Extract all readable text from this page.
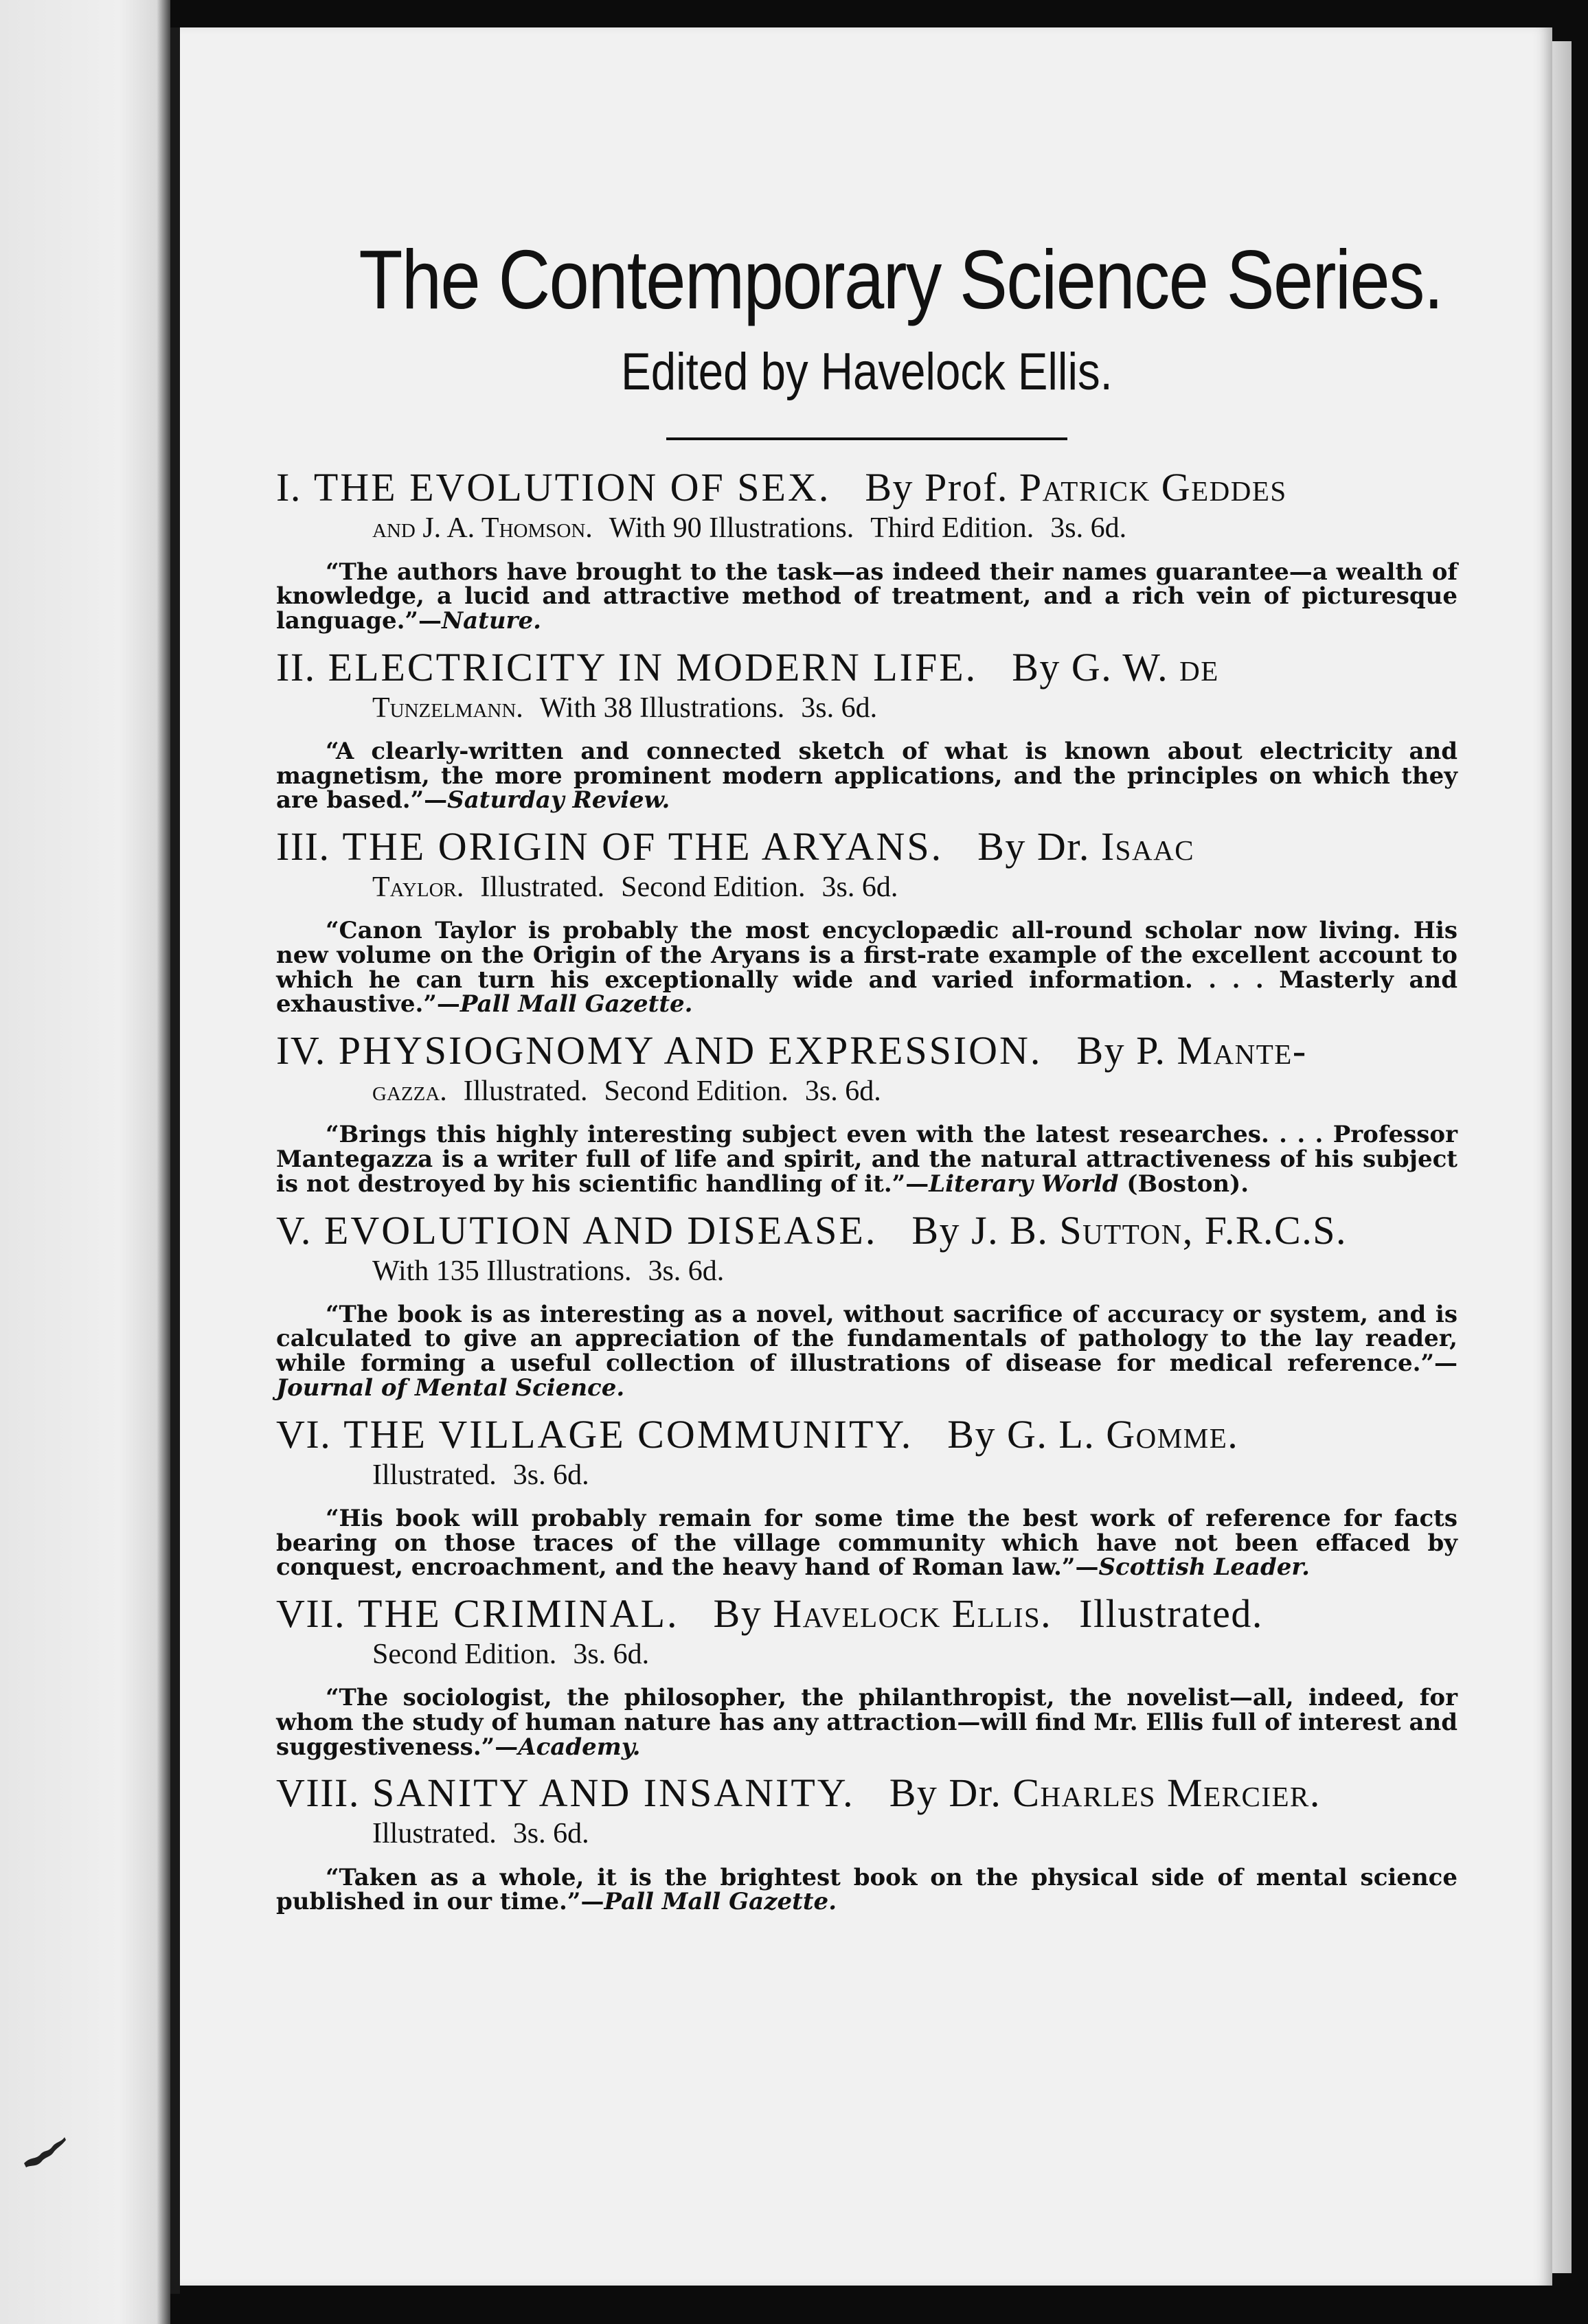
The Contemporary Science Series.

Edited by Havelock Ellis.

I. THE EVOLUTION OF SEX. By Prof. Patrick Geddes

and J. A. Thomson. With 90 Illustrations. Third Edition. 3s. 6d.

“The authors have brought to the task—as indeed their names guarantee—a wealth of knowledge, a lucid and attractive method of treatment, and a rich vein of picturesque language.”—Nature.

II. ELECTRICITY IN MODERN LIFE. By G. W. de

Tunzelmann. With 38 Illustrations. 3s. 6d.

“A clearly-written and connected sketch of what is known about electricity and magnetism, the more prominent modern applications, and the principles on which they are based.”—Saturday Review.

III. THE ORIGIN OF THE ARYANS. By Dr. Isaac

Taylor. Illustrated. Second Edition. 3s. 6d.

“Canon Taylor is probably the most encyclopædic all-round scholar now living. His new volume on the Origin of the Aryans is a first-rate example of the excellent account to which he can turn his exceptionally wide and varied information. . . . Masterly and exhaustive.”—Pall Mall Gazette.

IV. PHYSIOGNOMY AND EXPRESSION. By P. Mante-

gazza. Illustrated. Second Edition. 3s. 6d.

“Brings this highly interesting subject even with the latest researches. . . . Professor Mantegazza is a writer full of life and spirit, and the natural attractiveness of his subject is not destroyed by his scientific handling of it.”—Literary World (Boston).

V. EVOLUTION AND DISEASE. By J. B. Sutton, F.R.C.S.

With 135 Illustrations. 3s. 6d.

“The book is as interesting as a novel, without sacrifice of accuracy or system, and is calculated to give an appreciation of the fundamentals of pathology to the lay reader, while forming a useful collection of illustrations of disease for medical reference.”—Journal of Mental Science.

VI. THE VILLAGE COMMUNITY. By G. L. Gomme.

Illustrated. 3s. 6d.

“His book will probably remain for some time the best work of reference for facts bearing on those traces of the village community which have not been effaced by conquest, encroachment, and the heavy hand of Roman law.”—Scottish Leader.

VII. THE CRIMINAL. By Havelock Ellis. Illustrated.

Second Edition. 3s. 6d.

“The sociologist, the philosopher, the philanthropist, the novelist—all, indeed, for whom the study of human nature has any attraction—will find Mr. Ellis full of interest and suggestiveness.”—Academy.

VIII. SANITY AND INSANITY. By Dr. Charles Mercier.

Illustrated. 3s. 6d.

“Taken as a whole, it is the brightest book on the physical side of mental science published in our time.”—Pall Mall Gazette.
